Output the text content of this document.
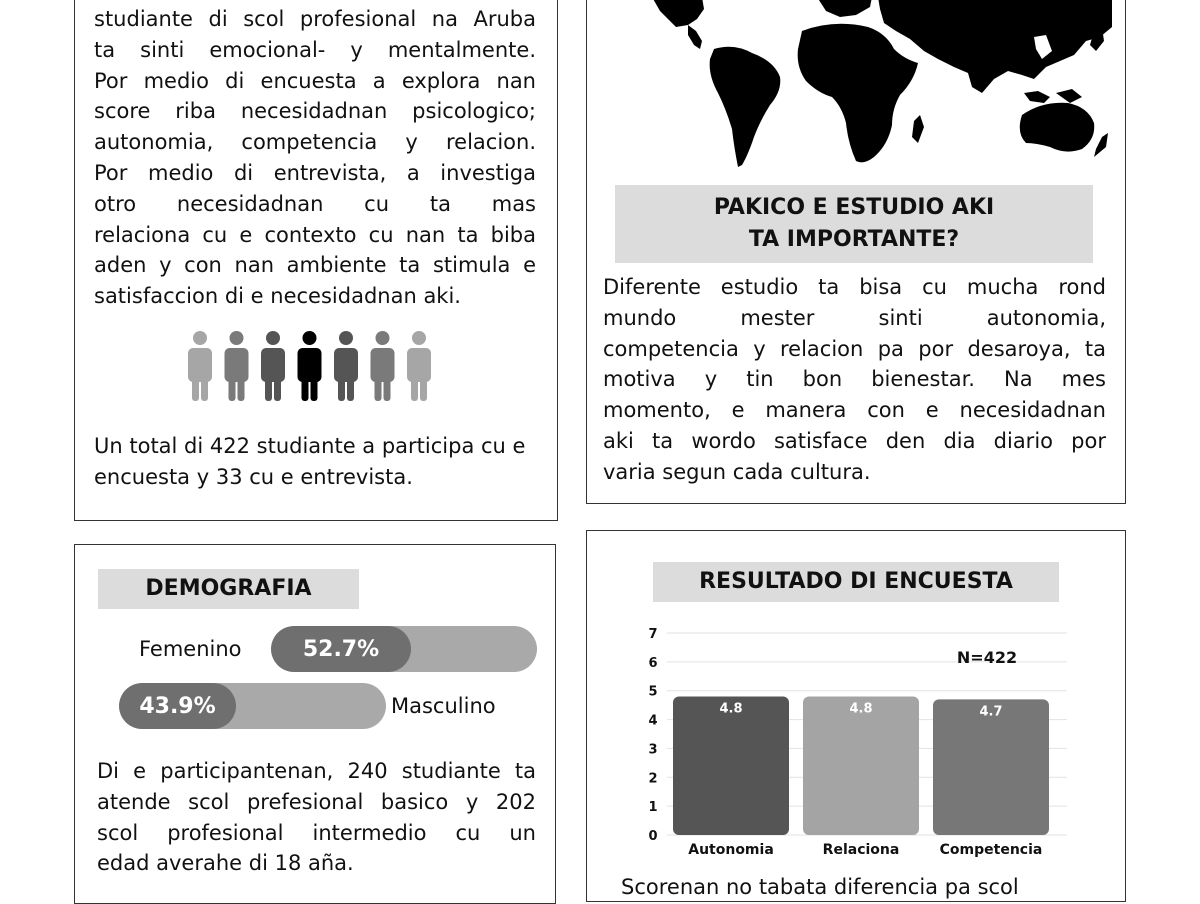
studiante di scol profesional na Aruba
ta sinti emocional- y mentalmente.
Por medio di encuesta a explora nan
score riba necesidadnan psicologico;
autonomia, competencia y relacion.
Por medio di entrevista, a investiga
otro necesidadnan cu ta mas
relaciona cu e contexto cu nan ta biba
aden y con nan ambiente ta stimula e
satisfaccion di e necesidadnan aki.
Un total di 422 studiante a participa cu e encuesta y 33 cu e entrevista.
PAKICO E ESTUDIO AKI TA IMPORTANTE?
Diferente estudio ta bisa cu mucha rond
mundo mester sinti autonomia,
competencia y relacion pa por desaroya, ta
motiva y tin bon bienestar. Na mes
momento, e manera con e necesidadnan
aki ta wordo satisface den dia diario por
varia segun cada cultura.
DEMOGRAFIA
Femenino	52.7%
43.9%	Masculino
Di e participantenan, 240 studiante ta
atende scol prefesional basico y 202
scol profesional intermedio cu un
edad averahe di 18 aña.
RESULTADO DI ENCUESTA
0
1
2
3
4
5
6
7
4.8
Autonomia
4.8
Relaciona
4.7
Competencia
N=422
Scorenan no tabata diferencia pa scol
